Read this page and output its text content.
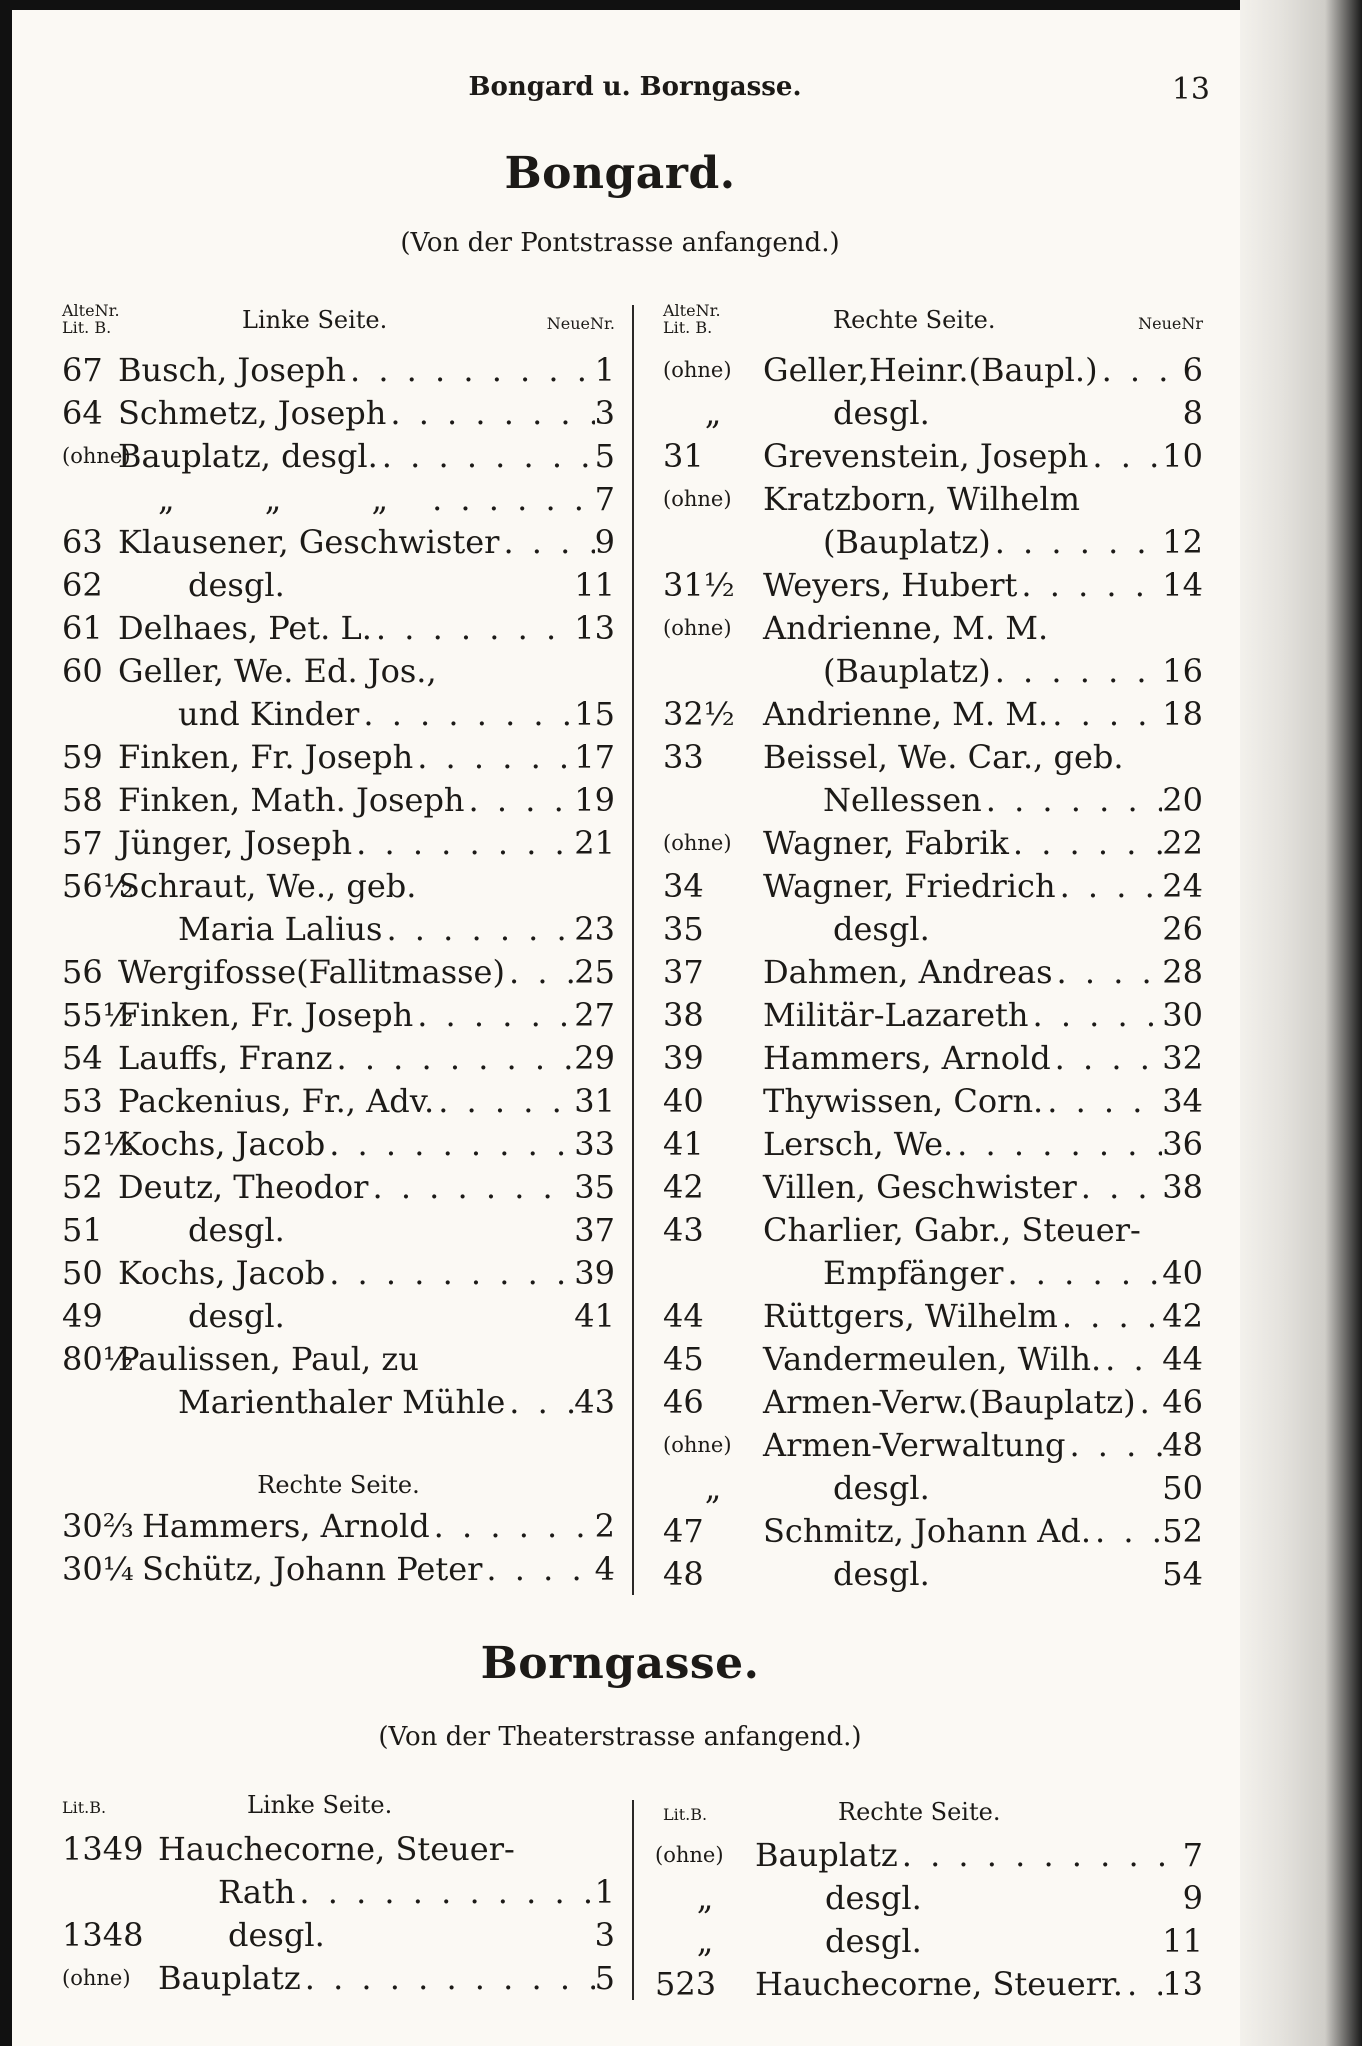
Bongard u. Borngasse.	13
Bongard.
(Von der Pontstrasse anfangend.)
AlteNr.
Lit. B.	Linke Seite.	NeueNr.
AlteNr.
Lit. B.	Rechte Seite.	NeueNr
67 Busch, Joseph . . .	1
64 Schmetz, Joseph . . .	3
(ohne)
Bauplatz, desgl. . . .	5
„ „ „ . . .	7
63 Klausener, Geschwister . . .	9
62	desgl.	11
61 Delhaes, Pet. L. . . .	13
60 Geller, We. Ed. Jos.,
und Kinder . . .	15
59 Finken, Fr. Joseph . . .	17
58 Finken, Math. Joseph . . .	19
57 Jünger, Joseph . . .	21
56½
Schraut, We., geb.
Maria Lalius . . .	23
56 Wergifosse(Fallitmasse) . . . 25
55½
Finken, Fr. Joseph . . .	27
54 Lauffs, Franz . . .	29
53 Packenius, Fr., Adv. . . .	31
52½
Kochs, Jacob . . .	33
52 Deutz, Theodor . . .	35
51	desgl.	37
50 Kochs, Jacob . . .	39
49	desgl.	41
80½
Paulissen, Paul, zu
Marienthaler Mühle . . . 43
Rechte Seite.
30⅔ Hammers, Arnold . . .	2
30¼ Schütz, Johann Peter . . .	4
(ohne) Geller,Heinr.(Baupl.) . . .	6
„	desgl.	8
31	Grevenstein, Joseph . . . 10
(ohne) Kratzborn, Wilhelm
(Bauplatz) . . .	12
31½ Weyers, Hubert . . .	14
(ohne) Andrienne, M. M.
(Bauplatz) . . .	16
32½ Andrienne, M. M. . . .	18
33	Beissel, We. Car., geb.
Nellessen . . .	20
(ohne) Wagner, Fabrik . . .	22
34	Wagner, Friedrich . . .	24
35	desgl.	26
37	Dahmen, Andreas . . .	28
38	Militär-Lazareth . . .	30
39	Hammers, Arnold . . .	32
40	Thywissen, Corn. . . .	34
41	Lersch, We. . . .	36
42	Villen, Geschwister . . .	38
43	Charlier, Gabr., Steuer-
Empfänger . . .	40
44	Rüttgers, Wilhelm . . .	42
45	Vandermeulen, Wilh. . . . 44
46	Armen-Verw.(Bauplatz) . . . 46
(ohne) Armen-Verwaltung . . .	48
„	desgl.	50
47	Schmitz, Johann Ad. . . . 52
48	desgl.	54
Borngasse.
(Von der Theaterstrasse anfangend.)
Lit.B.	Linke Seite.	Lit.B.	Rechte Seite.
1349 Hauchecorne, Steuer-
Rath . . .	1
1348	desgl.	3
(ohne) Bauplatz . . .	5
(ohne) Bauplatz . . .	7
„	desgl.	9
„	desgl.	11
523	Hauchecorne, Steuerr. . . . 13
